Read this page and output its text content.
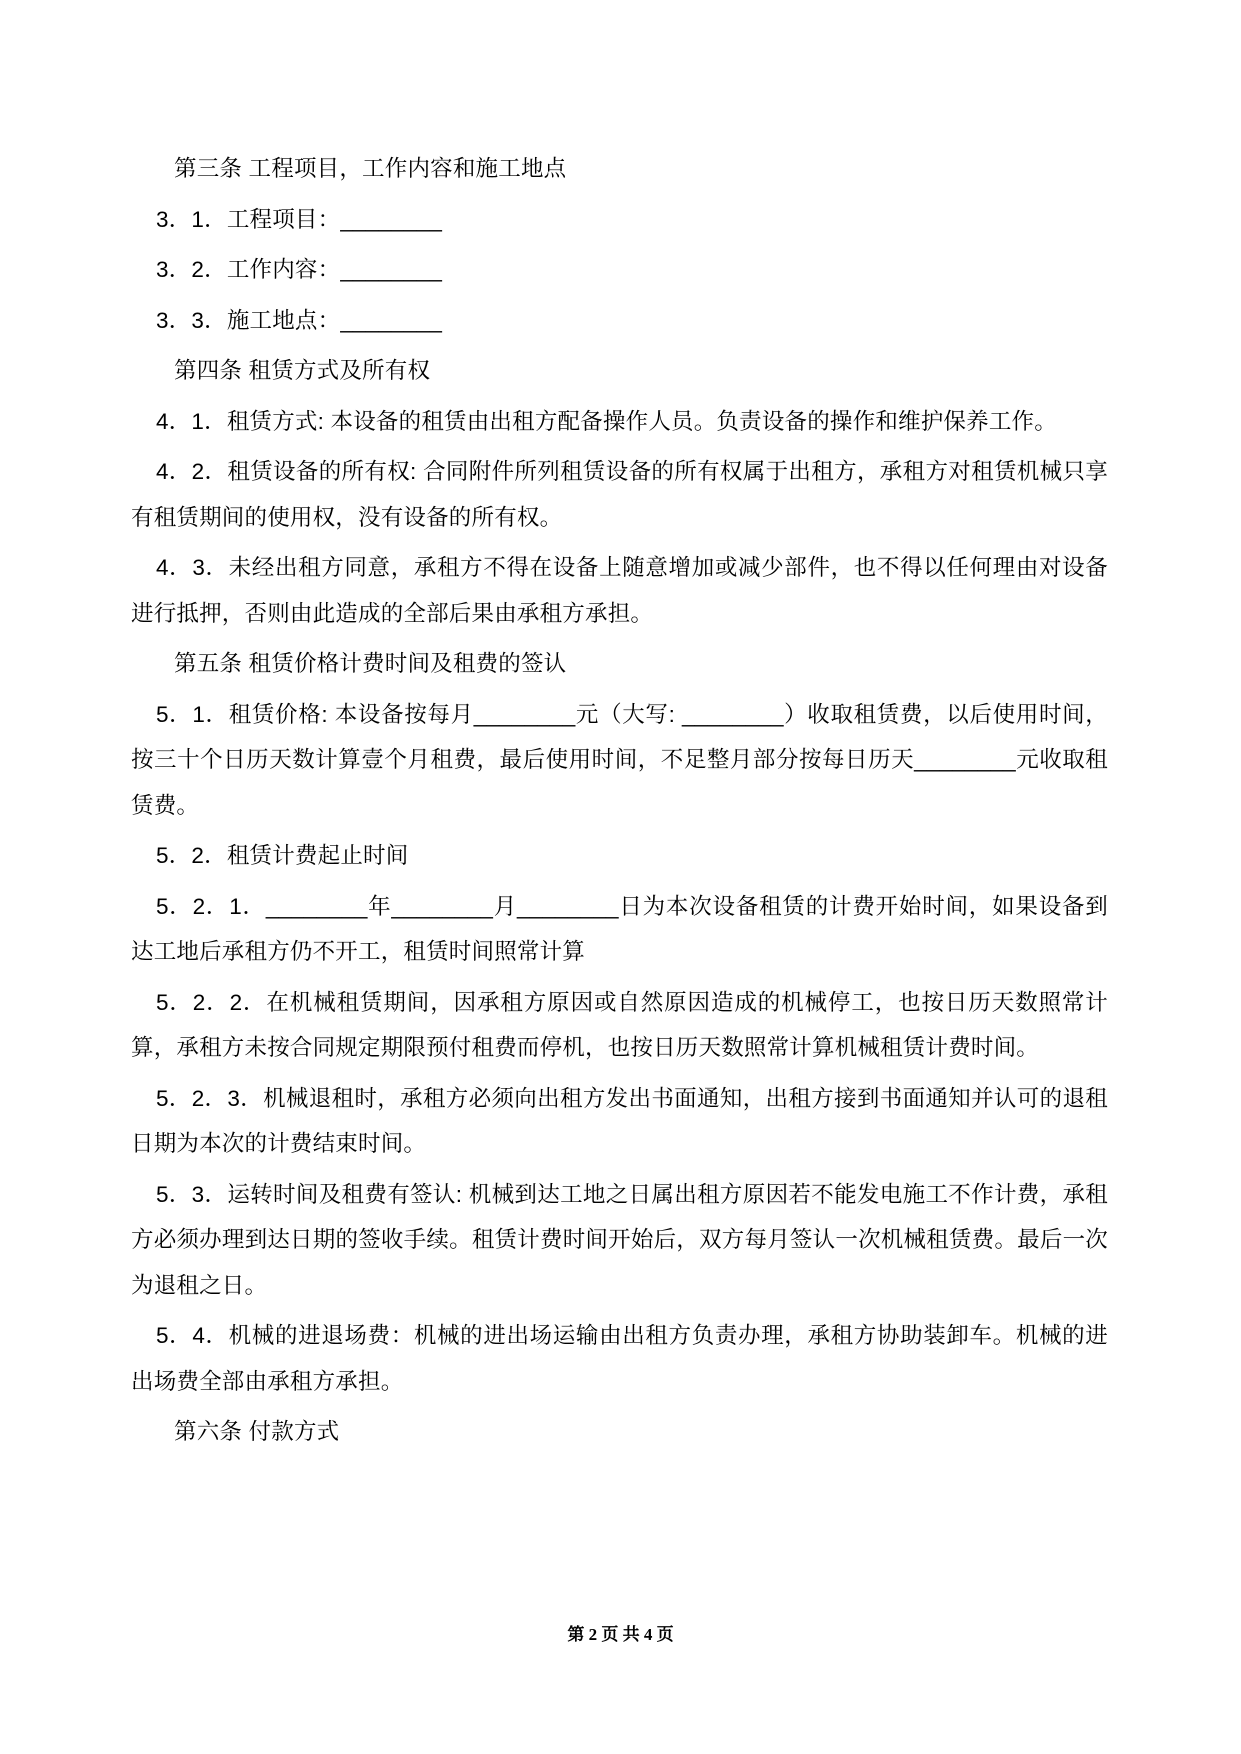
第三条 工程项目，工作内容和施工地点

3．1．工程项目：________

3．2．工作内容：________

3．3．施工地点：________

第四条 租赁方式及所有权

4．1．租赁方式: 本设备的租赁由出租方配备操作人员。负责设备的操作和维护保养工作。

4．2．租赁设备的所有权: 合同附件所列租赁设备的所有权属于出租方，承租方对租赁机械只享有租赁期间的使用权，没有设备的所有权。

4．3．未经出租方同意，承租方不得在设备上随意增加或减少部件，也不得以任何理由对设备进行抵押，否则由此造成的全部后果由承租方承担。

第五条 租赁价格计费时间及租费的签认

5．1．租赁价格: 本设备按每月________元（大写: ________）收取租赁费，以后使用时间，按三十个日历天数计算壹个月租费，最后使用时间，不足整月部分按每日历天________元收取租赁费。

5．2．租赁计费起止时间

5．2．1．________年________月________日为本次设备租赁的计费开始时间，如果设备到达工地后承租方仍不开工，租赁时间照常计算

5．2．2．在机械租赁期间，因承租方原因或自然原因造成的机械停工，也按日历天数照常计算，承租方未按合同规定期限预付租费而停机，也按日历天数照常计算机械租赁计费时间。

5．2．3．机械退租时，承租方必须向出租方发出书面通知，出租方接到书面通知并认可的退租日期为本次的计费结束时间。

5．3．运转时间及租费有签认: 机械到达工地之日属出租方原因若不能发电施工不作计费，承租方必须办理到达日期的签收手续。租赁计费时间开始后，双方每月签认一次机械租赁费。最后一次为退租之日。

5．4．机械的进退场费：机械的进出场运输由出租方负责办理，承租方协助装卸车。机械的进出场费全部由承租方承担。

第六条 付款方式

第 2 页 共 4 页
